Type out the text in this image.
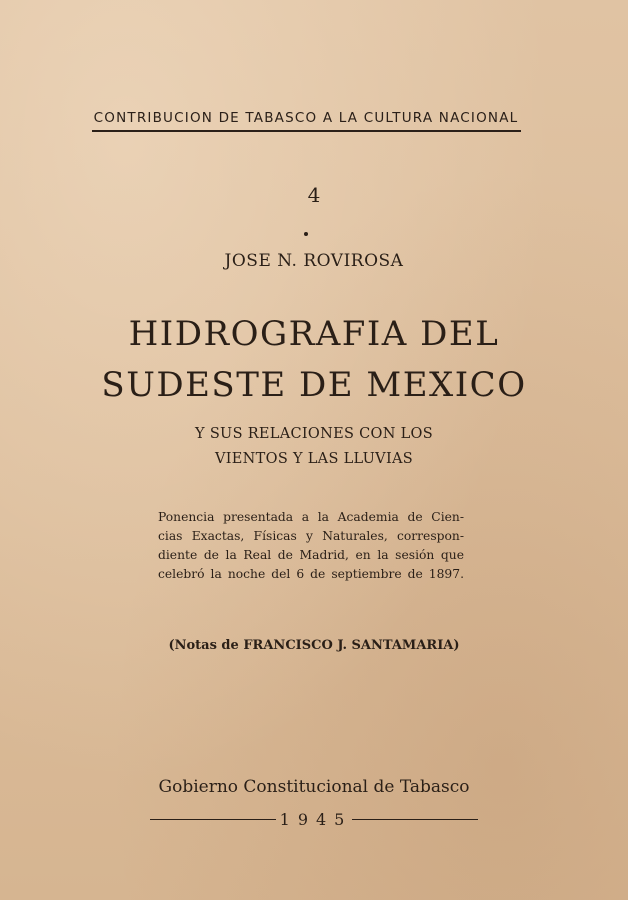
CONTRIBUCION DE TABASCO A LA CULTURA NACIONAL
4
JOSE N. ROVIROSA
HIDROGRAFIA DEL
SUDESTE DE MEXICO
Y SUS RELACIONES CON LOS
VIENTOS Y LAS LLUVIAS
Ponencia presentada a la Academia de Cien-
cias Exactas, Físicas y Naturales, correspon-
diente de la Real de Madrid, en la sesión que
celebró la noche del 6 de septiembre de 1897.
(Notas de FRANCISCO J. SANTAMARIA)
Gobierno Constitucional de Tabasco
1945
